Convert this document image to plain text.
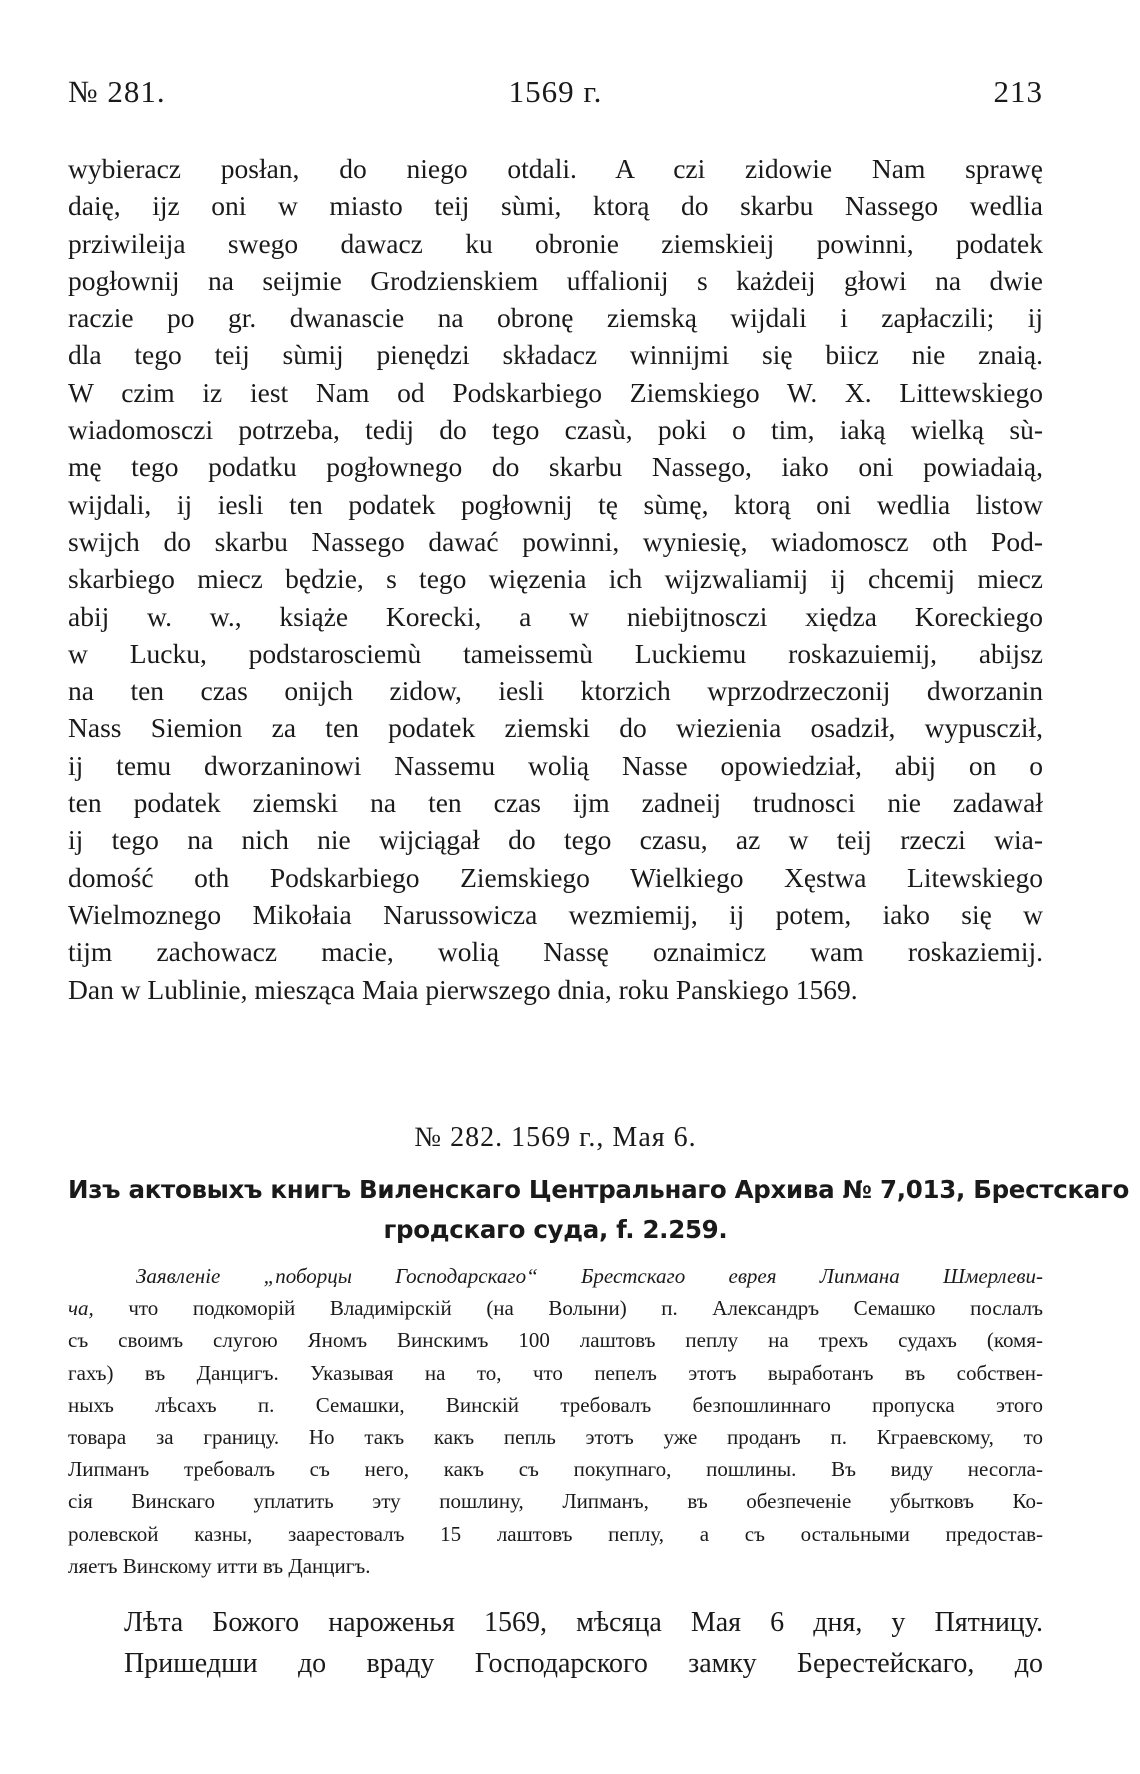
№ 281.	1569 г.	213
wybieracz posłan, do niego otdali. A czi zidowie Nam sprawę
daię, ijz oni w miasto teij sùmi, ktorą do skarbu Nassego wedlia
prziwileija swego dawacz ku obronie ziemskieij powinni, podatek
pogłownij na seijmie Grodzienskiem uffalionij s każdeij głowi na dwie
raczie po gr. dwanascie na obronę ziemską wijdali i zapłaczili; ij
dla tego teij sùmij pienędzi składacz winnijmi się biicz nie znaią.
W czim iz iest Nam od Podskarbiego Ziemskiego W. X. Littewskiego
wiadomosczi potrzeba, tedij do tego czasù, poki o tim, iaką wielką sù-
mę tego podatku pogłownego do skarbu Nassego, iako oni powiadaią,
wijdali, ij iesli ten podatek pogłownij tę sùmę, ktorą oni wedlia listow
swijch do skarbu Nassego dawać powinni, wyniesię, wiadomoscz oth Pod-
skarbiego miecz będzie, s tego więzenia ich wijzwaliamij ij chcemij miecz
abij w. w., książe Korecki, a w niebijtnosczi xiędza Koreckiego
w Lucku, podstarosciemù tameissemù Luckiemu roskazuiemij, abijsz
na ten czas onijch zidow, iesli ktorzich wprzodrzeczonij dworzanin
Nass Siemion za ten podatek ziemski do wiezienia osadził, wypuscził,
ij temu dworzaninowi Nassemu wolią Nasse opowiedział, abij on o
ten podatek ziemski na ten czas ijm zadneij trudnosci nie zadawał
ij tego na nich nie wijciągał do tego czasu, az w teij rzeczi wia-
domość oth Podskarbiego Ziemskiego Wielkiego Xęstwa Litewskiego
Wielmoznego Mikołaia Narussowicza wezmiemij, ij potem, iako się w
tijm zachowacz macie, wolią Nassę oznaimicz wam roskaziemij.
Dan w Lublinie, miesząca Maia pierwszego dnia, roku Panskiego 1569.
№ 282. 1569 г., Мая 6.
Изъ актовыхъ книгъ Виленскаго Центральнаго Архива № 7,013, Брестскаго
гродскаго суда, f. 2.259.
Заявленіе „поборцы Господарскаго“ Брестскаго еврея Липмана Шмерлеви-
ча, что подкоморій Владимірскій (на Волыни) п. Александръ Семашко послалъ
съ своимъ слугою Яномъ Винскимъ 100 лаштовъ пеплу на трехъ судахъ (комя-
гахъ) въ Данцигъ. Указывая на то, что пепелъ этотъ выработанъ въ собствен-
ныхъ лѣсахъ п. Семашки, Винскій требовалъ безпошлиннаго пропуска этого
товара за границу. Но такъ какъ пепль этотъ уже проданъ п. Кграевскому, то
Липманъ требовалъ съ него, какъ съ покупнаго, пошлины. Въ виду несогла-
сія Винскаго уплатить эту пошлину, Липманъ, въ обезпеченіе убытковъ Ко-
ролевской казны, заарестовалъ 15 лаштовъ пеплу, а съ остальными предостав-
ляетъ Винскому итти въ Данцигъ.
Лѣта Божого нароженья 1569, мѣсяца Мая 6 дня, у Пятницу.
Пришедши до враду Господарского замку Берестейскаго, до
